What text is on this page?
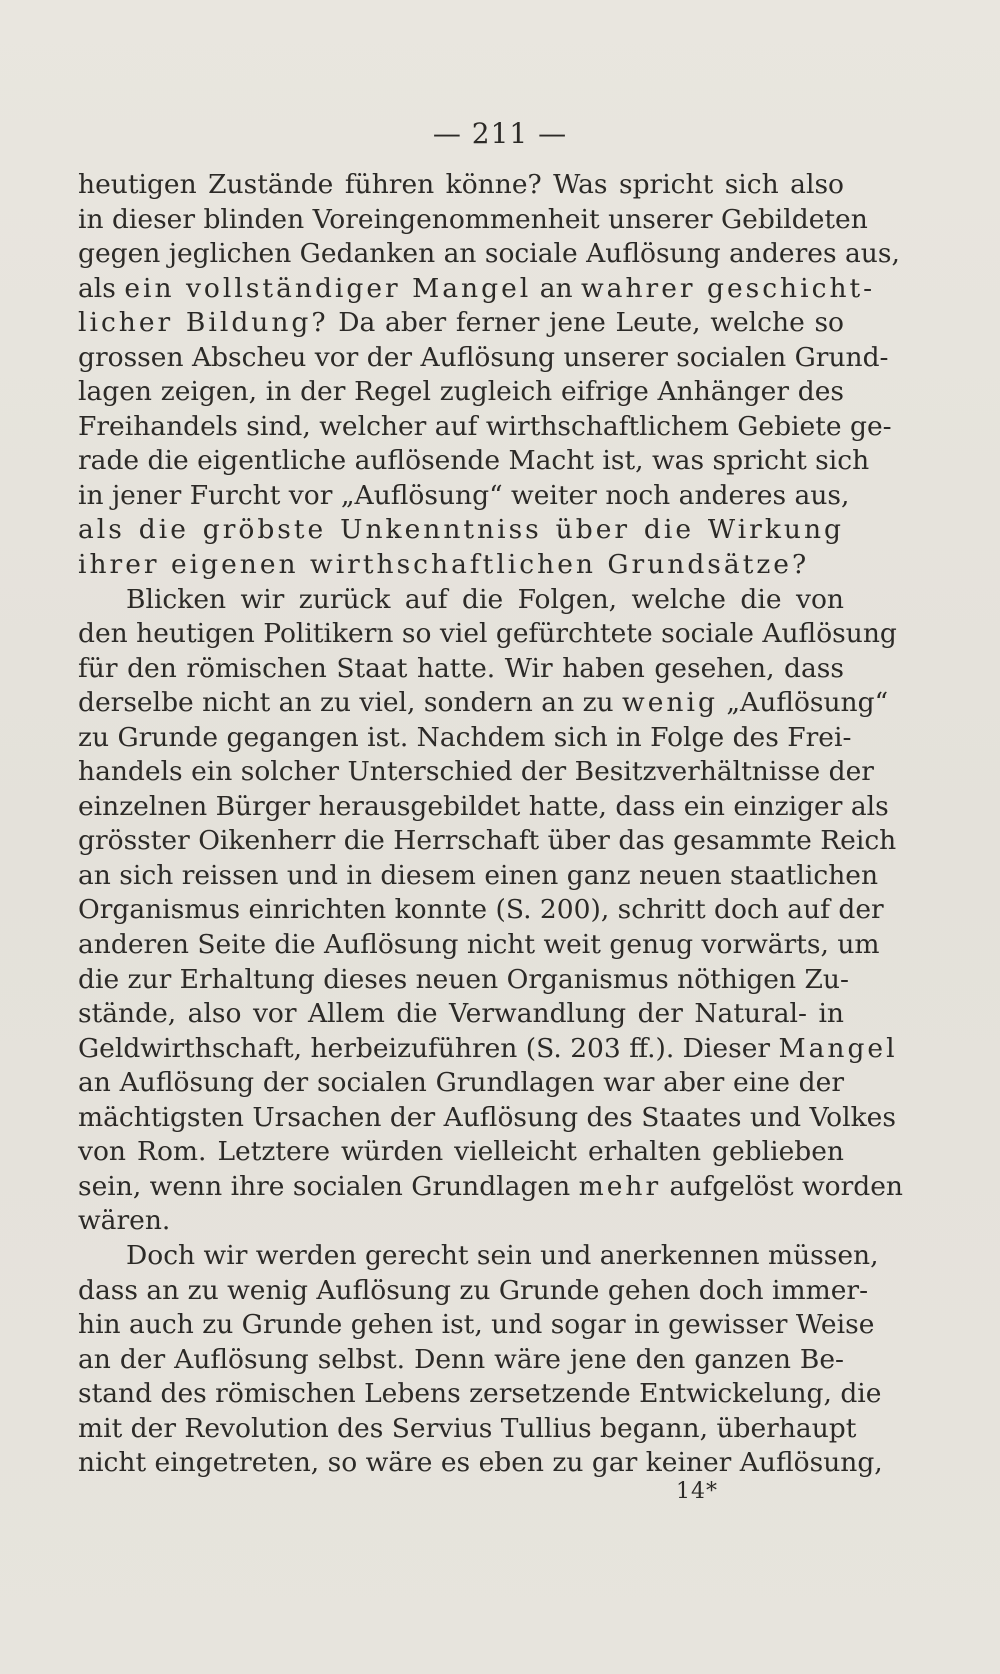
— 211 —
heutigen Zustände führen könne? Was spricht sich also
in dieser blinden Voreingenommenheit unserer Gebildeten
gegen jeglichen Gedanken an sociale Auflösung anderes aus,
als ein vollständiger Mangel an wahrer geschicht-
licher Bildung? Da aber ferner jene Leute, welche so
grossen Abscheu vor der Auflösung unserer socialen Grund-
lagen zeigen, in der Regel zugleich eifrige Anhänger des
Freihandels sind, welcher auf wirthschaftlichem Gebiete ge-
rade die eigentliche auflösende Macht ist, was spricht sich
in jener Furcht vor „Auflösung“ weiter noch anderes aus,
als die gröbste Unkenntniss über die Wirkung
ihrer eigenen wirthschaftlichen Grundsätze?
Blicken wir zurück auf die Folgen, welche die von
den heutigen Politikern so viel gefürchtete sociale Auflösung
für den römischen Staat hatte. Wir haben gesehen, dass
derselbe nicht an zu viel, sondern an zu wenig „Auflösung“
zu Grunde gegangen ist. Nachdem sich in Folge des Frei-
handels ein solcher Unterschied der Besitzverhältnisse der
einzelnen Bürger herausgebildet hatte, dass ein einziger als
grösster Oikenherr die Herrschaft über das gesammte Reich
an sich reissen und in diesem einen ganz neuen staatlichen
Organismus einrichten konnte (S. 200), schritt doch auf der
anderen Seite die Auflösung nicht weit genug vorwärts, um
die zur Erhaltung dieses neuen Organismus nöthigen Zu-
stände, also vor Allem die Verwandlung der Natural- in
Geldwirthschaft, herbeizuführen (S. 203 ff.). Dieser Mangel
an Auflösung der socialen Grundlagen war aber eine der
mächtigsten Ursachen der Auflösung des Staates und Volkes
von Rom. Letztere würden vielleicht erhalten geblieben
sein, wenn ihre socialen Grundlagen mehr aufgelöst worden
wären.
Doch wir werden gerecht sein und anerkennen müssen,
dass an zu wenig Auflösung zu Grunde gehen doch immer-
hin auch zu Grunde gehen ist, und sogar in gewisser Weise
an der Auflösung selbst. Denn wäre jene den ganzen Be-
stand des römischen Lebens zersetzende Entwickelung, die
mit der Revolution des Servius Tullius begann, überhaupt
nicht eingetreten, so wäre es eben zu gar keiner Auflösung,
14*
